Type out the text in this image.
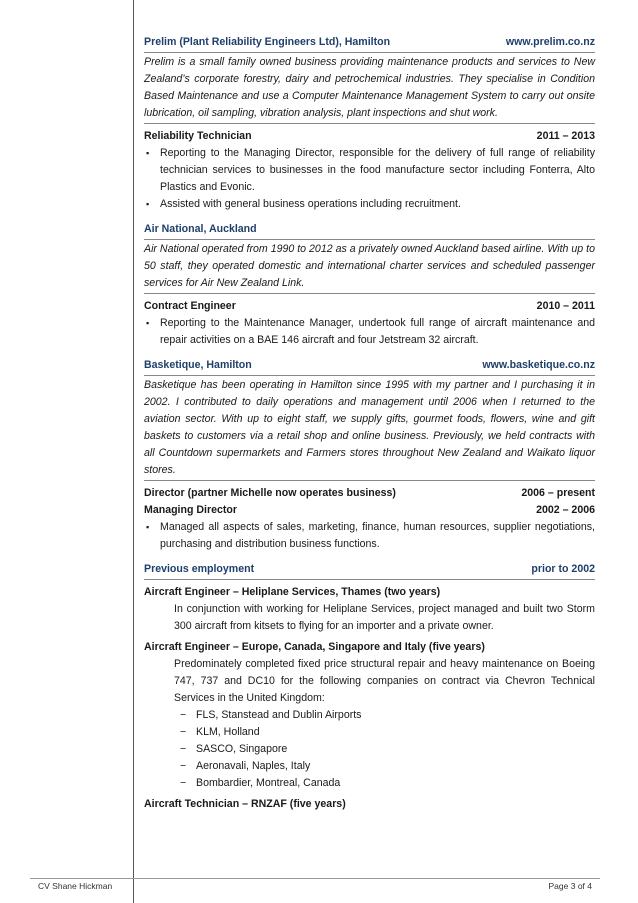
Prelim (Plant Reliability Engineers Ltd), Hamilton	www.prelim.co.nz
Prelim is a small family owned business providing maintenance products and services to New Zealand’s corporate forestry, dairy and petrochemical industries. They specialise in Condition Based Maintenance and use a Computer Maintenance Management System to carry out onsite lubrication, oil sampling, vibration analysis, plant inspections and shut work.
Reliability Technician	2011 – 2013
▪ Reporting to the Managing Director, responsible for the delivery of full range of reliability technician services to businesses in the food manufacture sector including Fonterra, Alto Plastics and Evonic.
▪ Assisted with general business operations including recruitment.
Air National, Auckland
Air National operated from 1990 to 2012 as a privately owned Auckland based airline. With up to 50 staff, they operated domestic and international charter services and scheduled passenger services for Air New Zealand Link.
Contract Engineer	2010 – 2011
▪ Reporting to the Maintenance Manager, undertook full range of aircraft maintenance and repair activities on a BAE 146 aircraft and four Jetstream 32 aircraft.
Basketique, Hamilton	www.basketique.co.nz
Basketique has been operating in Hamilton since 1995 with my partner and I purchasing it in 2002. I contributed to daily operations and management until 2006 when I returned to the aviation sector. With up to eight staff, we supply gifts, gourmet foods, flowers, wine and gift baskets to customers via a retail shop and online business. Previously, we held contracts with all Countdown supermarkets and Farmers stores throughout New Zealand and Waikato liquor stores.
Director (partner Michelle now operates business)	2006 – present
Managing Director	2002 – 2006
▪ Managed all aspects of sales, marketing, finance, human resources, supplier negotiations, purchasing and distribution business functions.
Previous employment	prior to 2002
Aircraft Engineer – Heliplane Services, Thames (two years)
In conjunction with working for Heliplane Services, project managed and built two Storm 300 aircraft from kitsets to flying for an importer and a private owner.
Aircraft Engineer – Europe, Canada, Singapore and Italy (five years)
Predominately completed fixed price structural repair and heavy maintenance on Boeing 747, 737 and DC10 for the following companies on contract via Chevron Technical Services in the United Kingdom:
− FLS, Stanstead and Dublin Airports
− KLM, Holland
− SASCO, Singapore
− Aeronavali, Naples, Italy
− Bombardier, Montreal, Canada
Aircraft Technician – RNZAF (five years)
CV Shane Hickman	Page 3 of 4
